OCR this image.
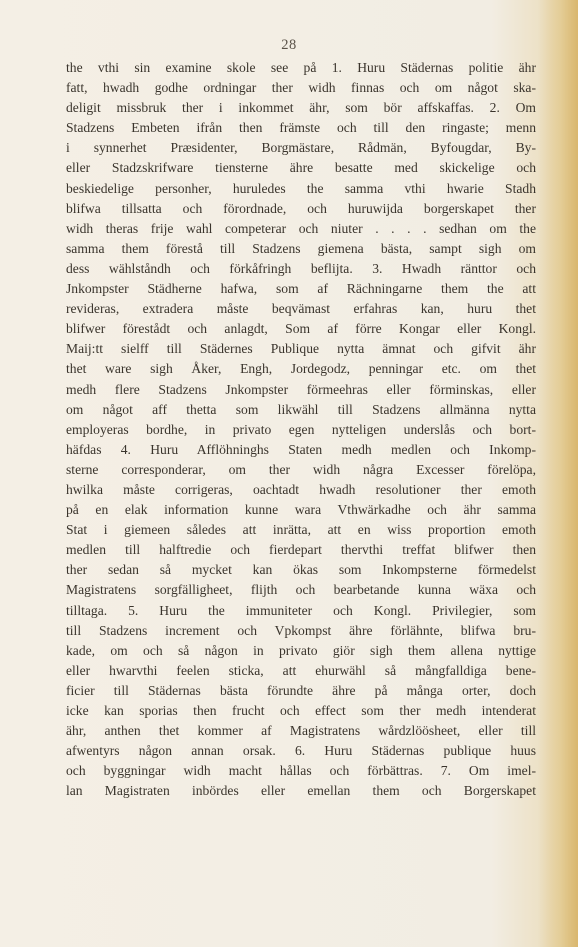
28
the vthi sin examine skole see på 1. Huru Städernas politie ähr
fatt, hwadh godhe ordningar ther widh finnas och om något ska-
deligit missbruk ther i inkommet ähr, som bör affskaffas. 2. Om
Stadzens Embeten ifrån then främste och till den ringaste; menn
i synnerhet Præsidenter, Borgmästare, Rådmän, Byfougdar, By-
eller Stadzskrifware tiensterne ähre besatte med skickelige och
beskiedelige personher, huruledes the samma vthi hwarie Stadh
blifwa tillsatta och förordnade, och huruwijda borgerskapet ther
widh theras frije wahl competerar och niuter . . . . sedhan om the
samma them förestå till Stadzens giemena bästa, sampt sigh om
dess wählståndh och förkåfringh beflijta. 3. Hwadh ränttor och
Jnkompster Städherne hafwa, som af Rächningarne them the att
revideras, extradera måste beqvämast erfahras kan, huru thet
blifwer förestådt och anlagdt, Som af förre Kongar eller Kongl.
Maij:tt sielff till Städernes Publique nytta ämnat och gifvit ähr
thet ware sigh Åker, Engh, Jordegodz, penningar etc. om thet
medh flere Stadzens Jnkompster förmeehras eller förminskas, eller
om något aff thetta som likwähl till Stadzens allmänna nytta
employeras bordhe, in privato egen nytteligen underslås och bort-
häfdas 4. Huru Afflöhninghs Staten medh medlen och Inkomp-
sterne corresponderar, om ther widh några Excesser förelöpa,
hwilka måste corrigeras, oachtadt hwadh resolutioner ther emoth
på en elak information kunne wara Vthwärkadhe och ähr samma
Stat i giemeen således att inrätta, att en wiss proportion emoth
medlen till halftredie och fierdepart thervthi treffat blifwer then
ther sedan så mycket kan ökas som Inkompsterne förmedelst
Magistratens sorgfälligheet, flijth och bearbetande kunna wäxa och
tilltaga. 5. Huru the immuniteter och Kongl. Privilegier, som
till Stadzens increment och Vpkompst ähre förlähnte, blifwa bru-
kade, om och så någon in privato giör sigh them allena nyttige
eller hwarvthi feelen sticka, att ehurwähl så mångfalldiga bene-
ficier till Städernas bästa förundte ähre på många orter, doch
icke kan sporias then frucht och effect som ther medh intenderat
ähr, anthen thet kommer af Magistratens wårdzlöösheet, eller till
afwentyrs någon annan orsak. 6. Huru Städernas publique huus
och byggningar widh macht hållas och förbättras. 7. Om imel-
lan Magistraten inbördes eller emellan them och Borgerskapet
